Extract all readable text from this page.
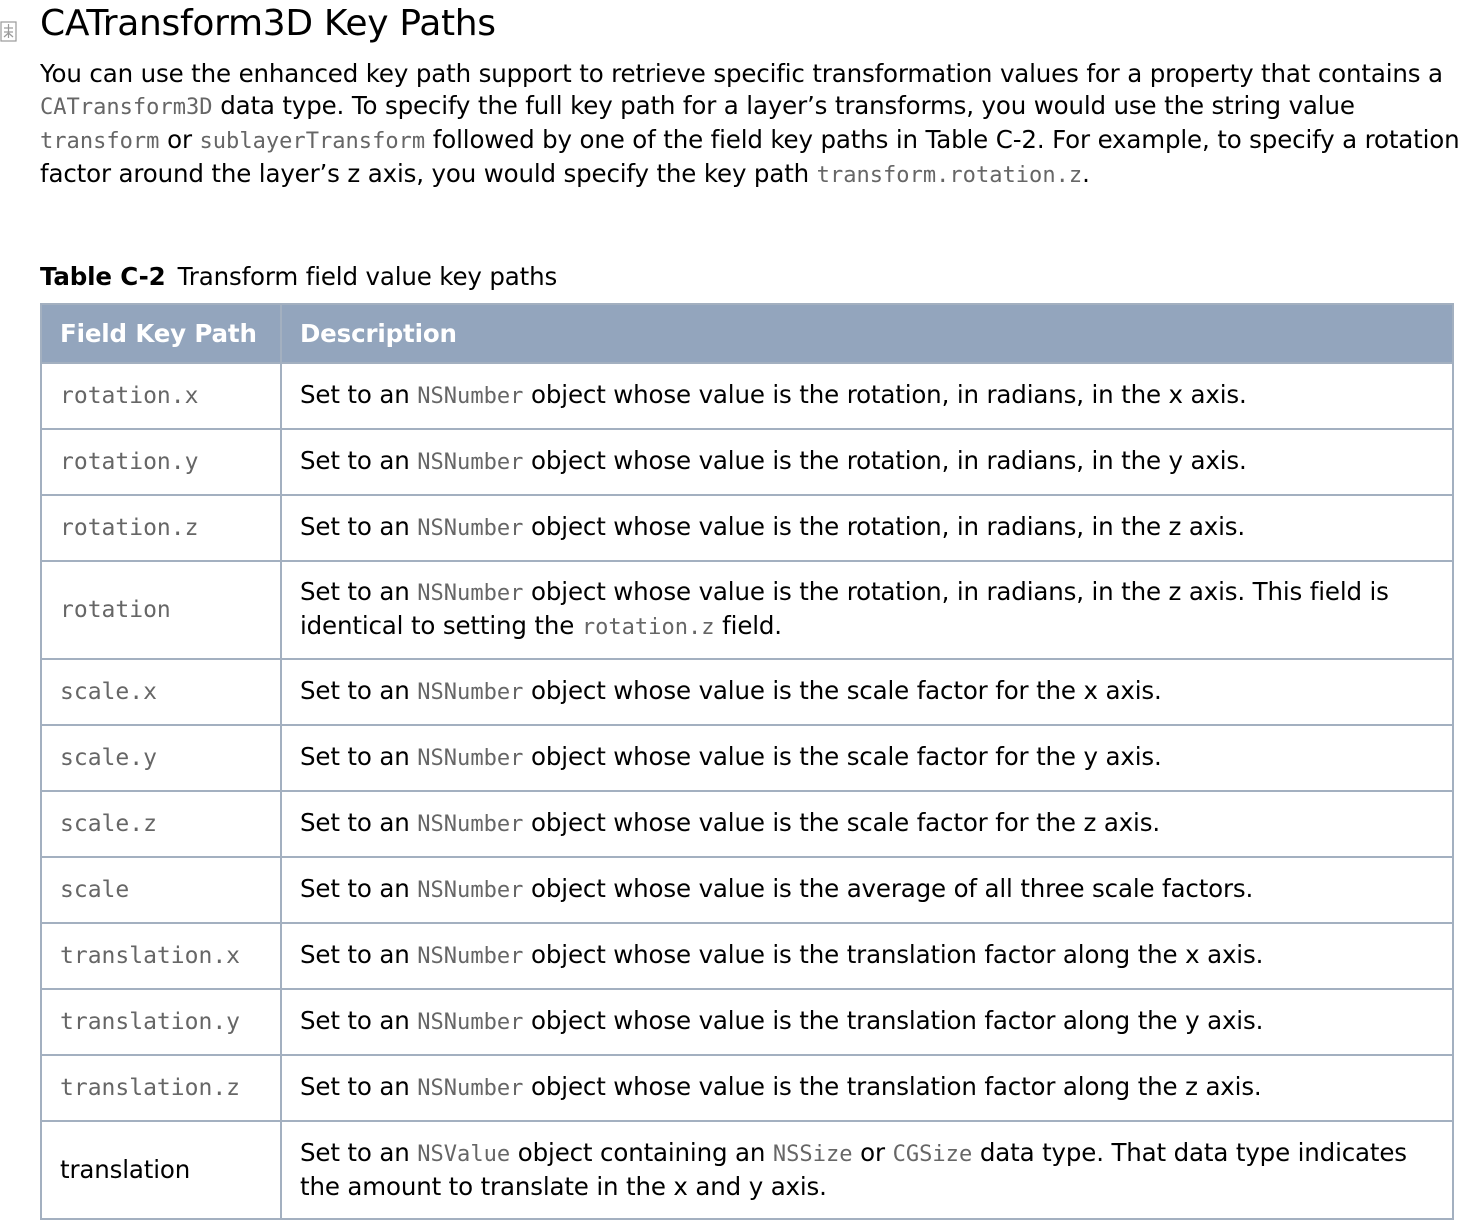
CATransform3D Key Paths

You can use the enhanced key path support to retrieve specific transformation values for a property that contains a CATransform3D data type. To specify the full key path for a layer’s transforms, you would use the string value transform or sublayerTransform followed by one of the field key paths in Table C-2. For example, to specify a rotation factor around the layer’s z axis, you would specify the key path transform.rotation.z.

Table C-2 Transform field value key paths

Field Key Path	Description
rotation.x	Set to an NSNumber object whose value is the rotation, in radians, in the x axis.
rotation.y	Set to an NSNumber object whose value is the rotation, in radians, in the y axis.
rotation.z	Set to an NSNumber object whose value is the rotation, in radians, in the z axis.
rotation	Set to an NSNumber object whose value is the rotation, in radians, in the z axis. This field is identical to setting the rotation.z field.
scale.x	Set to an NSNumber object whose value is the scale factor for the x axis.
scale.y	Set to an NSNumber object whose value is the scale factor for the y axis.
scale.z	Set to an NSNumber object whose value is the scale factor for the z axis.
scale	Set to an NSNumber object whose value is the average of all three scale factors.
translation.x	Set to an NSNumber object whose value is the translation factor along the x axis.
translation.y	Set to an NSNumber object whose value is the translation factor along the y axis.
translation.z	Set to an NSNumber object whose value is the translation factor along the z axis.
translation	Set to an NSValue object containing an NSSize or CGSize data type. That data type indicates the amount to translate in the x and y axis.
